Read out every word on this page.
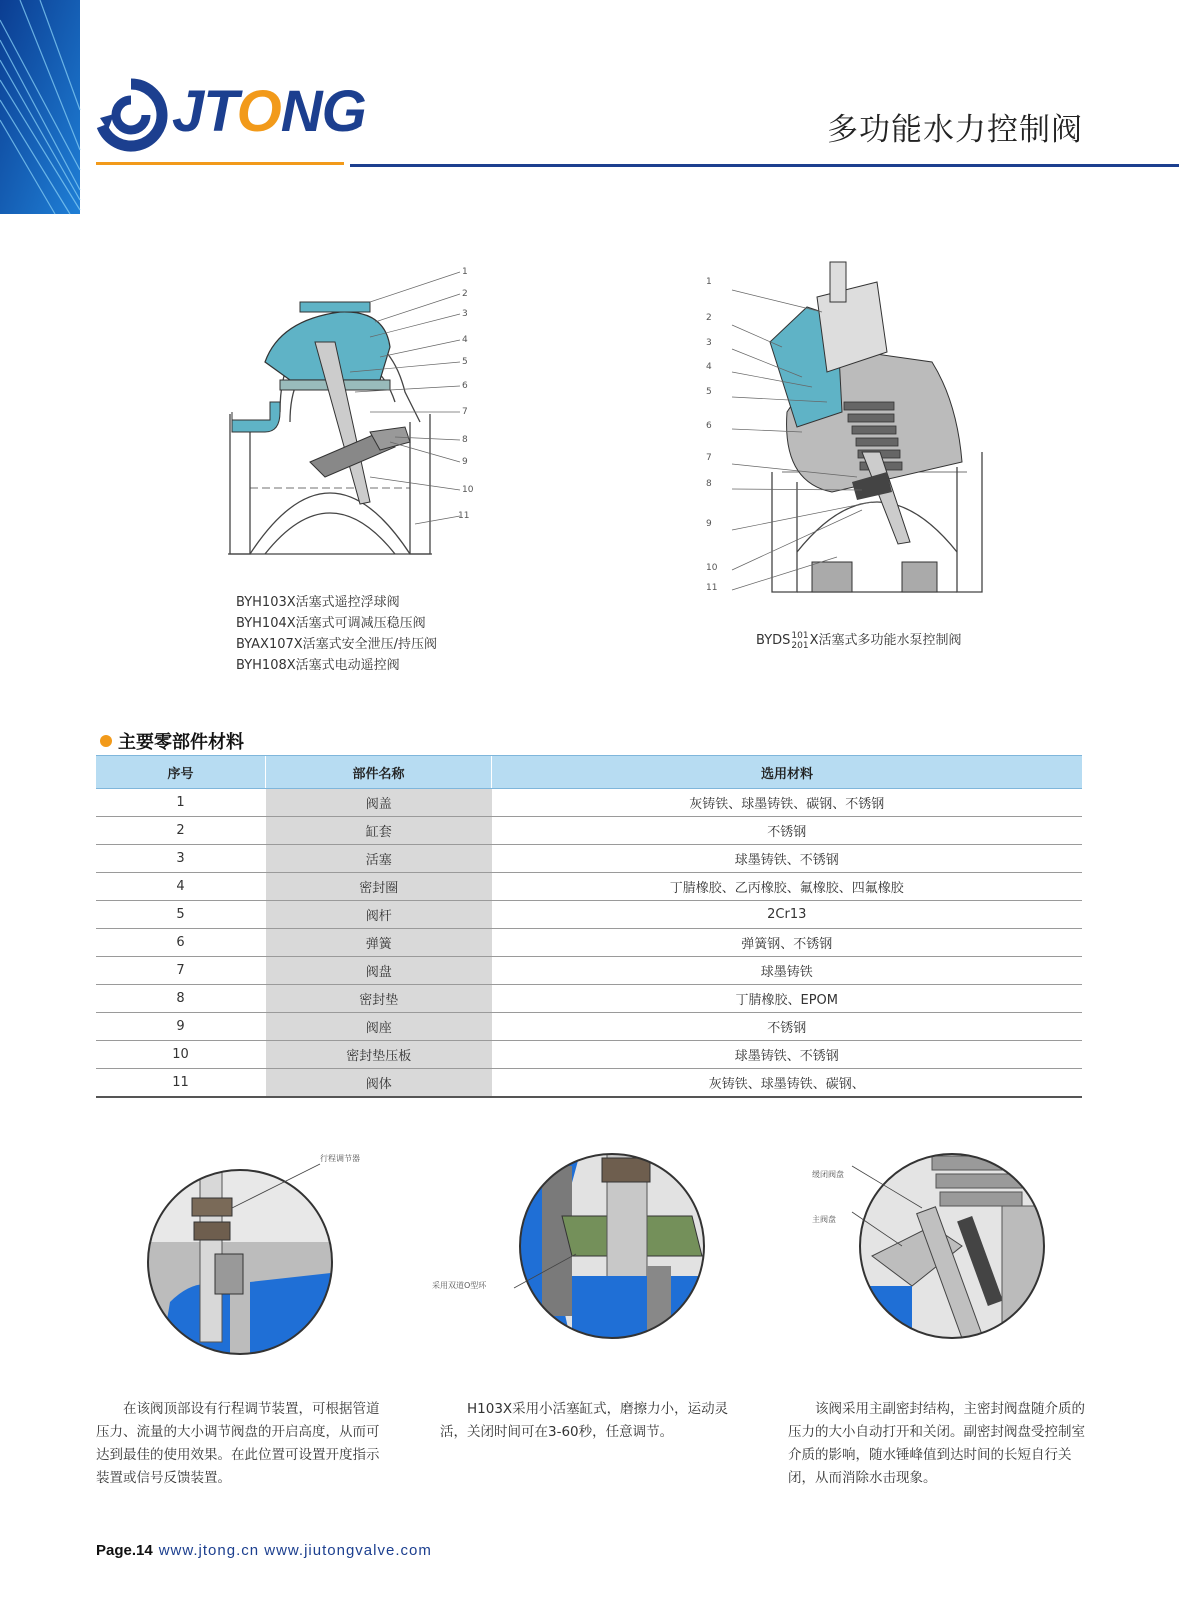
JTONG	多功能水力控制阀
1
2
3
4
5
6
7
8
9
10
11
BYH103X活塞式遥控浮球阀
BYH104X活塞式可调减压稳压阀
BYAX107X活塞式安全泄压/持压阀
BYH108X活塞式电动遥控阀
1
2
3
4
5
6
7
8
9
10
11
BYDS 101
201 X活塞式多功能水泵控制阀
主要零部件材料
序号	部件名称	选用材料
1	阀盖	灰铸铁、球墨铸铁、碳钢、不锈钢
2	缸套	不锈钢
3	活塞	球墨铸铁、不锈钢
4	密封圈	丁腈橡胶、乙丙橡胶、氟橡胶、四氟橡胶
5	阀杆	2Cr13
6	弹簧	弹簧钢、不锈钢
7	阀盘	球墨铸铁
8	密封垫	丁腈橡胶、EPOM
9	阀座	不锈钢
10	密封垫压板	球墨铸铁、不锈钢
11	阀体	灰铸铁、球墨铸铁、碳钢、
行程调节器
采用双道O型环
缓闭阀盘
主阀盘
在该阀顶部设有行程调节装置，可根据管道压力、流量的大小调节阀盘的开启高度，从而可达到最佳的使用效果。在此位置可设置开度指示装置或信号反馈装置。
H103X采用小活塞缸式，磨擦力小，运动灵活，关闭时间可在3-60秒，任意调节。
该阀采用主副密封结构，主密封阀盘随介质的压力的大小自动打开和关闭。副密封阀盘受控制室介质的影响，随水锤峰值到达时间的长短自行关闭，从而消除水击现象。
Page.14 www.jtong.cn www.jiutongvalve.com
